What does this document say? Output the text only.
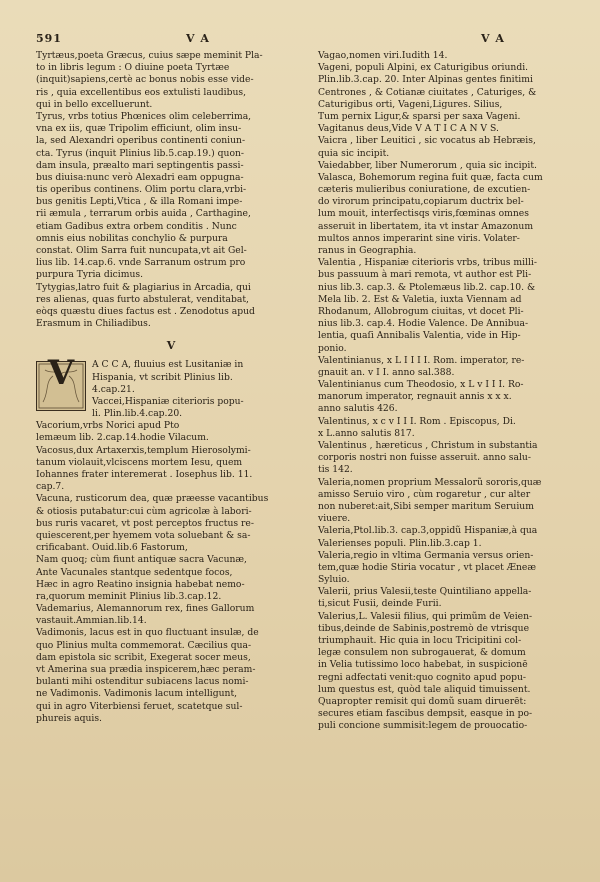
591	V A	V A

Tyrtæus,poeta Græcus, cuius sæpe meminit Pla-

to in libris legum : O diuine poeta Tyrtæe

(inquit)sapiens,certè ac bonus nobis esse vide-

ris , quia excellentibus eos extulisti laudibus,

qui in bello excelluerunt.

Tyrus, vrbs totius Phœnices olim celeberrima,

vna ex iis, quæ Tripolim efficiunt, olim insu-

la, sed Alexandri operibus continenti coniun-

cta. Tyrus (inquit Plinius lib.5.cap.19.) quon-

dam insula, præalto mari septingentis passi-

bus diuisa:nunc verò Alexadri eam oppugna-

tis operibus continens. Olim portu clara,vrbi-

bus genitis Lepti,Vtica , & illa Romani impe-

rii æmula , terrarum orbis auida , Carthagine,

etiam Gadibus extra orbem conditis . Nunc

omnis eius nobilitas conchylio & purpura

constat. Olim Sarra fuit nuncupata,vt ait Gel-

lius lib. 14.cap.6. vnde Sarranum ostrum pro

purpura Tyria dicimus.

Tytygias,latro fuit & plagiarius in Arcadia, qui

res alienas, quas furto abstulerat, venditabat,

eòqs quæstu diues factus est . Zenodotus apud

Erasmum in Chiliadibus.

V
V	A C C A, fluuius est Lusitaniæ in

Hispania, vt scribit Plinius lib.

4.cap.21.

Vaccei,Hispaniæ citerioris popu-

li. Plin.lib.4.cap.20.

Vacorium,vrbs Norici apud Pto

lemæum lib. 2.cap.14.hodie Vilacum.

Vacosus,dux Artaxerxis,templum Hierosolymi-

tanum violauit,vlciscens mortem Iesu, quem

Iohannes frater interemerat . Iosephus lib. 11.

cap.7.

Vacuna, rusticorum dea, quæ præesse vacantibus

& otiosis putabatur:cui cùm agricolæ à labori-

bus ruris vacaret, vt post perceptos fructus re-

quiescerent,per hyemem vota soluebant & sa-

crificabant. Ouid.lib.6 Fastorum,

Nam quoq; cùm fiunt antiquæ sacra Vacunæ,

Ante Vacunales stantque sedentque focos,

Hæc in agro Reatino insignia habebat nemo-

ra,quorum meminit Plinius lib.3.cap.12.

Vademarius, Alemannorum rex, fines Gallorum

vastauit.Ammian.lib.14.

Vadimonis, lacus est in quo fluctuant insulæ, de

quo Plinius multa commemorat. Cæcilius qua-

dam epistola sic scribit, Exegerat socer meus,

vt Amerina sua prædia inspicerem,hæc peram-

bulanti mihi ostenditur subiacens lacus nomi-

ne Vadimonis. Vadimonis lacum intelligunt,

qui in agro Viterbiensi feruet, scatetque sul-

phureis aquis.

Vagao,nomen viri.Iudith 14.

Vageni, populi Alpini, ex Caturigibus oriundi.

Plin.lib.3.cap. 20. Inter Alpinas gentes finitimi

Centrones , & Cotianæ ciuitates , Caturiges, &

Caturigibus orti, Vageni,Ligures. Silius,

Tum pernix Ligur,& sparsi per saxa Vageni.

Vagitanus deus,Vide V A T I C A N V S.

Vaicra , liber Leuitici , sic vocatus ab Hebræis,

quia sic incipit.

Vaiedabber, liber Numerorum , quia sic incipit.

Valasca, Bohemorum regina fuit quæ, facta cum

cæteris mulieribus coniuratione, de excutien-

do virorum principatu,copiarum ductrix bel-

lum mouit, interfectisqs viris,fœminas omnes

asseruit in libertatem, ita vt instar Amazonum

multos annos imperarint sine viris. Volater-

ranus in Geographia.

Valentia , Hispaniæ citerioris vrbs, tribus milli-

bus passuum à mari remota, vt author est Pli-

nius lib.3. cap.3. & Ptolemæus lib.2. cap.10. &

Mela lib. 2. Est & Valetia, iuxta Viennam ad

Rhodanum, Allobrogum ciuitas, vt docet Pli-

nius lib.3. cap.4. Hodie Valence. De Annibua-

lentia, quaſi Annibalis Valentia, vide in Hip-

ponio.

Valentinianus, x L I I I I. Rom. imperator, re-

gnauit an. v I I. anno sal.388.

Valentinianus cum Theodosio, x L v I I I. Ro-

manorum imperator, regnauit annis x x x.

anno salutis 426.

Valentinus, x c v I I I. Rom . Episcopus, Di.

x L.anno salutis 817.

Valentinus , hæreticus , Christum in substantia

corporis nostri non fuisse asseruit. anno salu-

tis 142.

Valeria,nomen proprium Messalorũ sororis,quæ

amisso Seruio viro , cùm rogaretur , cur alter

non nuberet:ait,Sibi semper maritum Seruium

viuere.

Valeria,Ptol.lib.3. cap.3,oppidũ Hispaniæ,à qua

Valerienses populi. Plin.lib.3.cap 1.

Valeria,regio in vltima Germania versus orien-

tem,quæ hodie Stiria vocatur , vt placet Æneæ

Syluio.

Valerii, prius Valesii,teste Quintiliano appella-

ti,sicut Fusii, deinde Furii.

Valerius,L. Valesii filius, qui primũm de Veien-

tibus,deinde de Sabinis,postremò de vtrisque

triumphauit. Hic quia in locu Tricipitini col-

legæ consulem non subrogauerat, & domum

in Velia tutissimo loco habebat, in suspicionē

regni adfectati venit:quo cognito apud popu-

lum questus est, quòd tale aliquid timuissent.

Quapropter remisit qui domũ suam diruerēt:

secures etiam fascibus dempsit, easque in po-

puli concione summisit:legem de prouocatio-
